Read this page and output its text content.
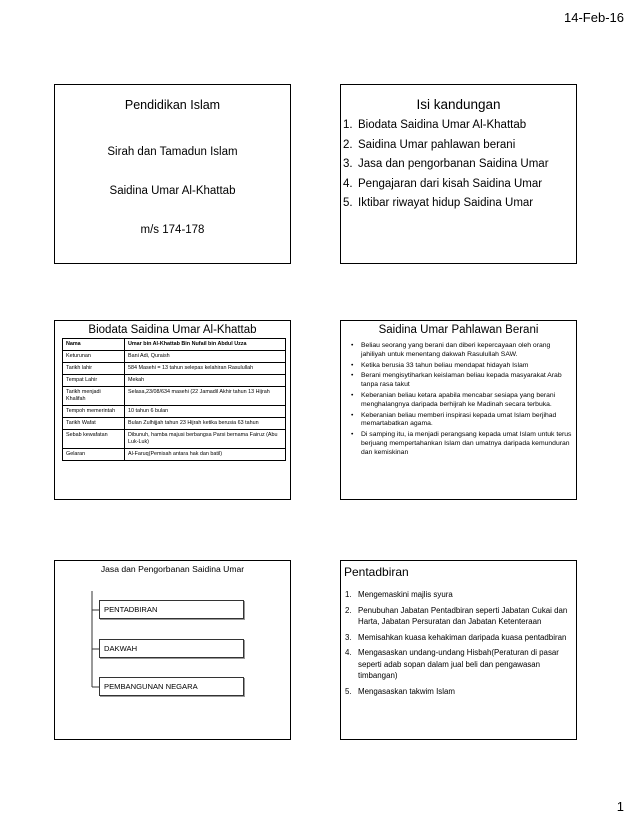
14-Feb-16
Pendidikan Islam
Sirah dan Tamadun Islam
Saidina Umar Al-Khattab
m/s 174-178
Isi kandungan
1. Biodata Saidina Umar Al-Khattab
2. Saidina Umar pahlawan berani
3. Jasa dan pengorbanan Saidina Umar
4. Pengajaran dari kisah Saidina Umar
5. Iktibar riwayat hidup Saidina Umar
Biodata Saidina Umar Al-Khattab
Nama	Umar bin Al-Khattab Bin Nufail bin Abdul Uzza
Keturunan	Bani Adi, Quraish
Tarikh lahir	584 Masehi = 13 tahun selepas kelahiran Rasulullah
Tempat Lahir	Mekah
Tarikh menjadi Khalifah	Selasa,23/08/634 masehi (22 Jamadil Akhir tahun 13 Hijrah
Tempoh memerintah	10 tahun 6 bulan
Tarikh Wafat	Bulan Zulhijjah tahun 23 Hijrah ketika berusia 63 tahun
Sebab kewafatan	Dibunuh, hamba majusi berbangsa Parsi bernama Fairuz (Abu Luk-Luk)
Gelaran	Al-Faruq(Pemisah antara hak dan batil)
Saidina Umar Pahlawan Berani
•	Beliau seorang yang berani dan diberi kepercayaan oleh orang jahiliyah untuk menentang dakwah Rasulullah SAW.
•	Ketika berusia 33 tahun beliau mendapat hidayah Islam
•	Berani mengisytiharkan keislaman beliau kepada masyarakat Arab tanpa rasa takut
•	Keberanian beliau ketara apabila mencabar sesiapa yang berani menghalangnya daripada berhijrah ke Madinah secara terbuka.
•	Keberanian beliau memberi inspirasi kepada umat Islam berjihad memartabatkan agama.
•	Di samping itu, ia menjadi perangsang kepada umat Islam untuk terus berjuang mempertahankan Islam dan umatnya daripada kemunduran dan kemiskinan
Jasa dan Pengorbanan Saidina Umar
PENTADBIRAN
DAKWAH
PEMBANGUNAN NEGARA
Pentadbiran
1. Mengemaskini majlis syura
2. Penubuhan Jabatan Pentadbiran seperti Jabatan Cukai dan Harta, Jabatan Persuratan dan Jabatan Ketenteraan
3. Memisahkan kuasa kehakiman daripada kuasa pentadbiran
4. Mengasaskan undang-undang Hisbah(Peraturan di pasar seperti adab sopan dalam jual beli dan pengawasan timbangan)
5. Mengasaskan takwim Islam
1
